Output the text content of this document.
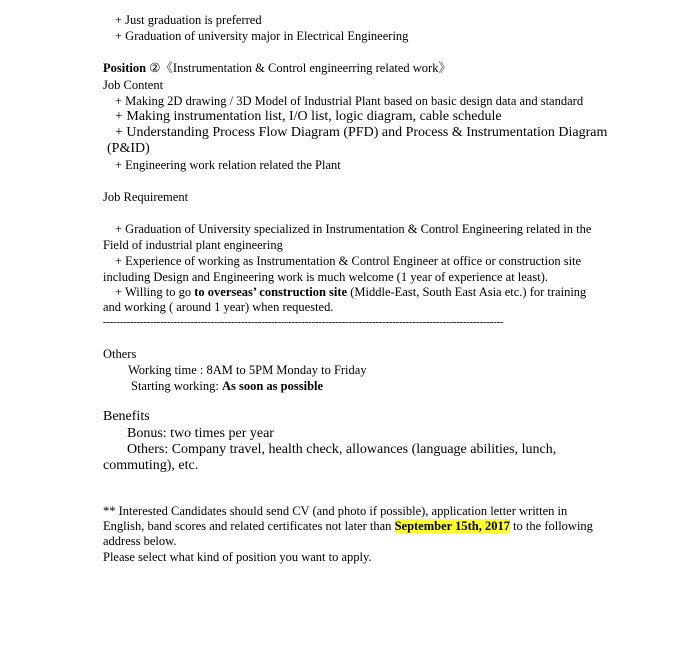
+ Just graduation is preferred
+ Graduation of university major in Electrical Engineering
Position ②《Instrumentation & Control engineerring related work》
Job Content
+ Making 2D drawing / 3D Model of Industrial Plant based on basic design data and standard
+ Making instrumentation list, I/O list, logic diagram, cable schedule
+ Understanding Process Flow Diagram (PFD) and Process & Instrumentation Diagram
(P&ID)
+ Engineering work relation related the Plant
Job Requirement
+ Graduation of University specialized in Instrumentation & Control Engineering related in the
Field of industrial plant engineering
+ Experience of working as Instrumentation & Control Engineer at office or construction site
including Design and Engineering work is much welcome (1 year of experience at least).
+ Willing to go to overseas’ construction site (Middle-East, South East Asia etc.) for training
and working ( around 1 year) when requested.
-----------------------------------------------------------------------------------------------------------------------
Others
Working time : 8AM to 5PM Monday to Friday
Starting working: As soon as possible
Benefits
Bonus: two times per year
Others: Company travel, health check, allowances (language abilities, lunch,
commuting), etc.
** Interested Candidates should send CV (and photo if possible), application letter written in
English, band scores and related certificates not later than September 15th, 2017 to the following
address below.
Please select what kind of position you want to apply.
